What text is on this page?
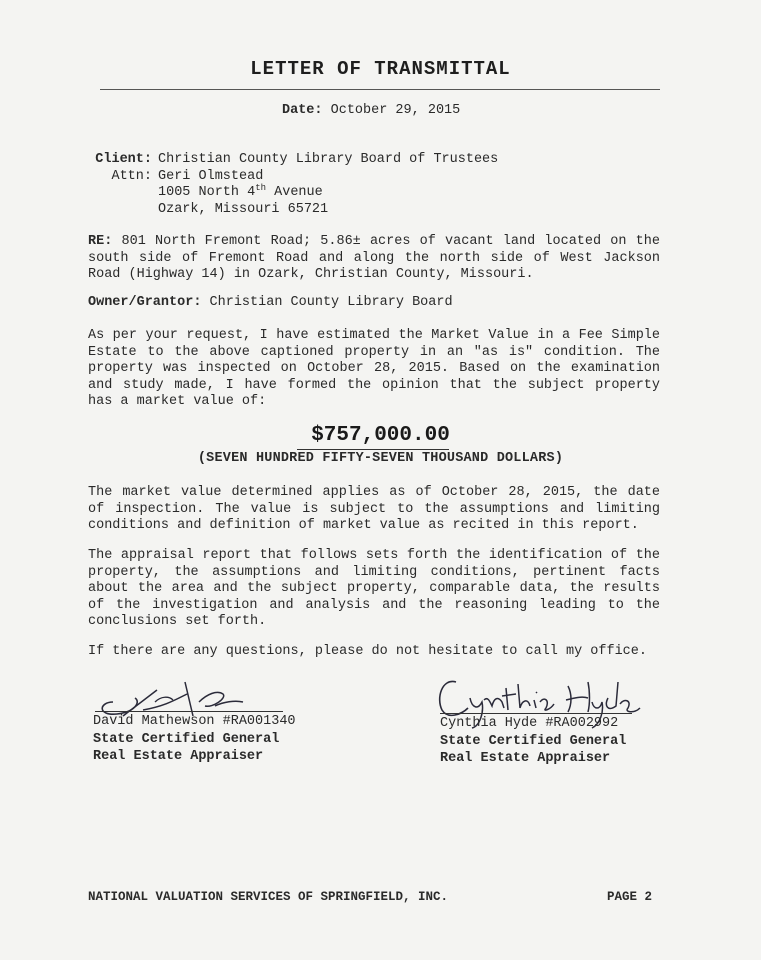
LETTER OF TRANSMITTAL
Date: October 29, 2015
Client: Christian County Library Board of Trustees
Attn: Geri Olmstead
1005 North 4th Avenue
Ozark, Missouri 65721
RE: 801 North Fremont Road; 5.86± acres of vacant land located on the south side of Fremont Road and along the north side of West Jackson Road (Highway 14) in Ozark, Christian County, Missouri.
Owner/Grantor: Christian County Library Board
As per your request, I have estimated the Market Value in a Fee Simple Estate to the above captioned property in an "as is" condition. The property was inspected on October 28, 2015. Based on the examination and study made, I have formed the opinion that the subject property has a market value of:
$757,000.00
(SEVEN HUNDRED FIFTY-SEVEN THOUSAND DOLLARS)
The market value determined applies as of October 28, 2015, the date of inspection. The value is subject to the assumptions and limiting conditions and definition of market value as recited in this report.
The appraisal report that follows sets forth the identification of the property, the assumptions and limiting conditions, pertinent facts about the area and the subject property, comparable data, the results of the investigation and analysis and the reasoning leading to the conclusions set forth.
If there are any questions, please do not hesitate to call my office.
David Mathewson #RA001340
State Certified General
Real Estate Appraiser
Cynthia Hyde #RA002992
State Certified General
Real Estate Appraiser
NATIONAL VALUATION SERVICES OF SPRINGFIELD, INC.	PAGE 2
